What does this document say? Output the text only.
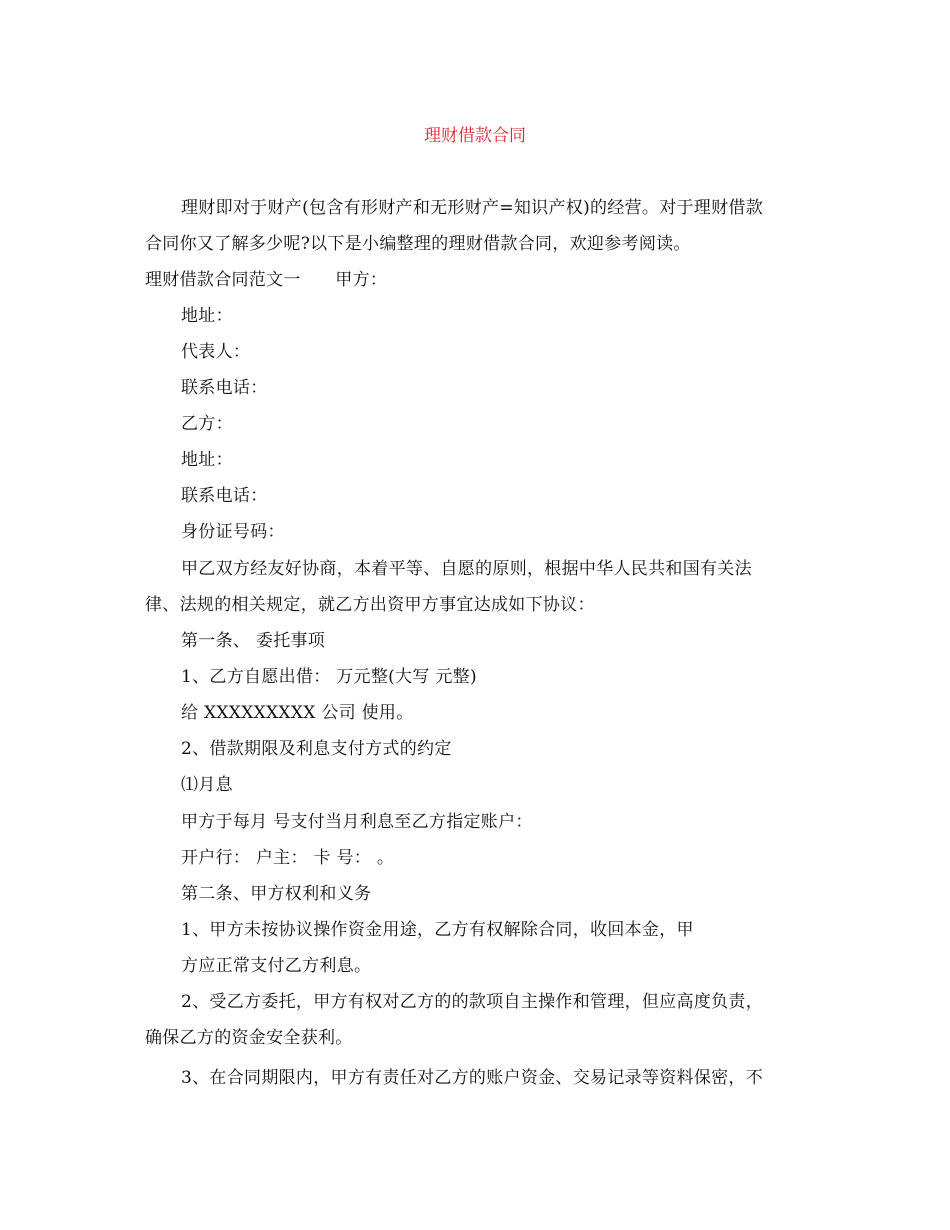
理财借款合同
理财即对于财产(包含有形财产和无形财产=知识产权)的经营。对于理财借款
合同你又了解多少呢?以下是小编整理的理财借款合同，欢迎参考阅读。
理财借款合同范文一　　甲方：
地址：
代表人：
联系电话：
乙方：
地址：
联系电话：
身份证号码：
甲乙双方经友好协商，本着平等、自愿的原则，根据中华人民共和国有关法
律、法规的相关规定，就乙方出资甲方事宜达成如下协议：
第一条、 委托事项
1、乙方自愿出借： 万元整(大写 元整)
给 XXXXXXXXX 公司 使用。
2、借款期限及利息支付方式的约定
⑴月息
甲方于每月 号支付当月利息至乙方指定账户：
开户行： 户主： 卡 号： 。
第二条、甲方权利和义务
1、甲方未按协议操作资金用途，乙方有权解除合同，收回本金，甲
方应正常支付乙方利息。
2、受乙方委托，甲方有权对乙方的的款项自主操作和管理，但应高度负责，
确保乙方的资金安全获利。
3、在合同期限内，甲方有责任对乙方的账户资金、交易记录等资料保密，不
